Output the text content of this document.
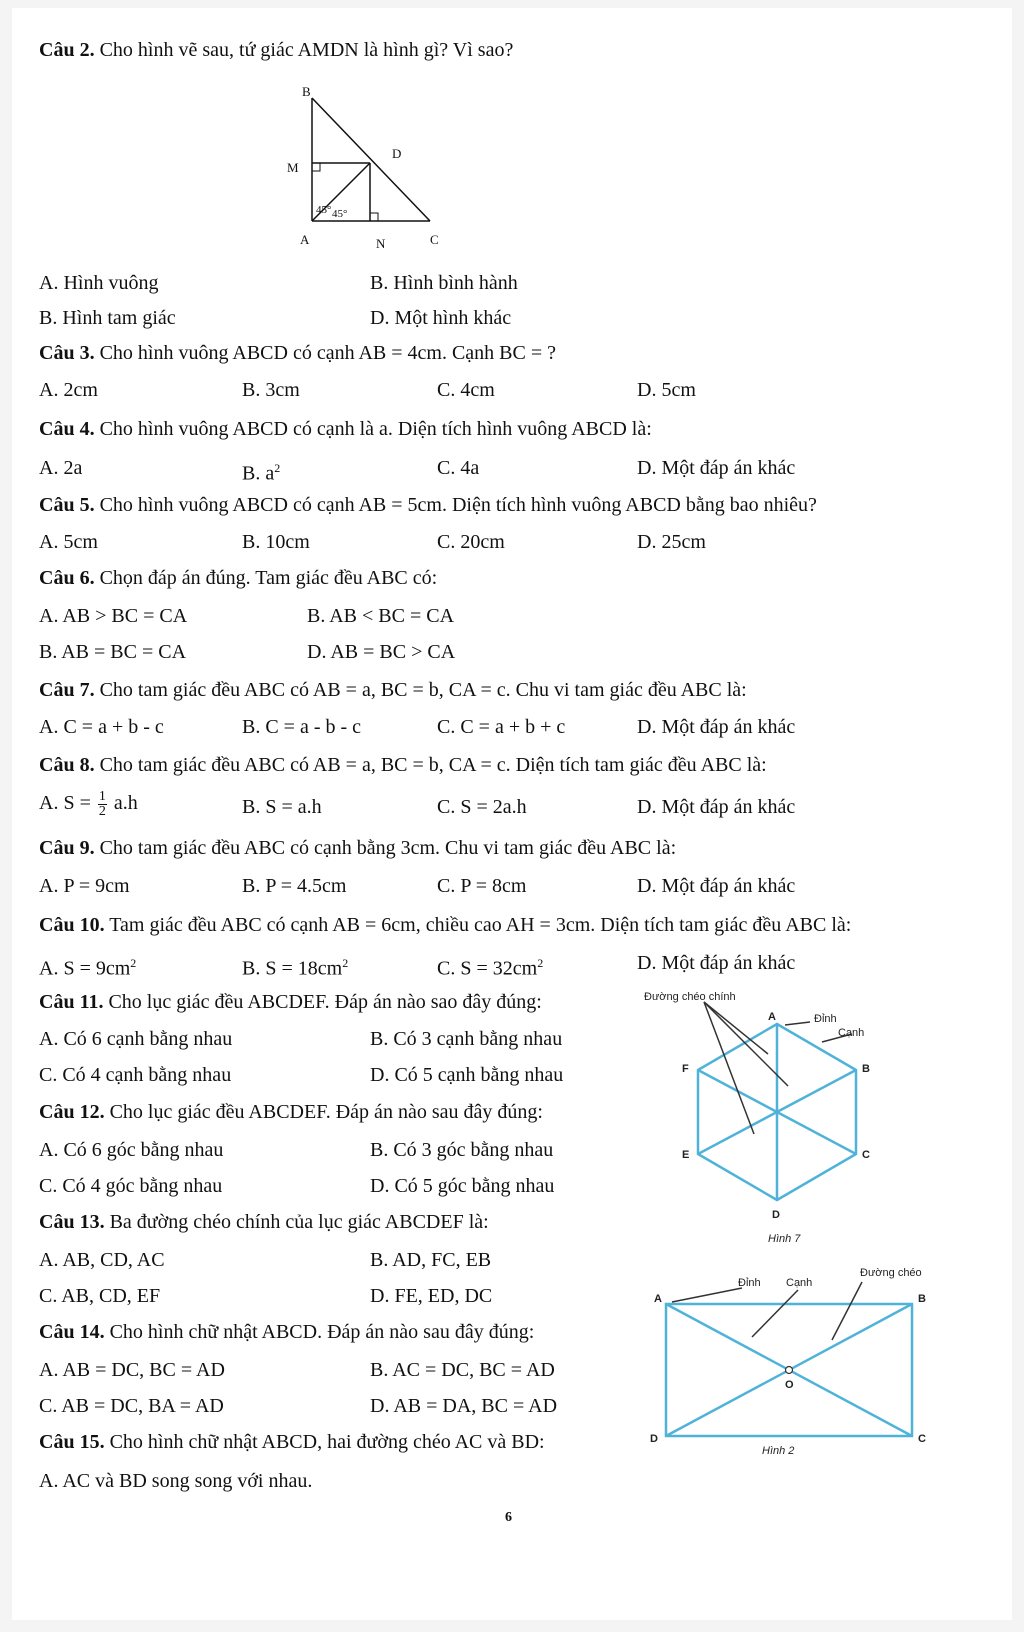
Câu 2. Cho hình vẽ sau, tứ giác AMDN là hình gì? Vì sao?
B
D
M
A	N	C
45° 45°
A. Hình vuông	B. Hình bình hành
B. Hình tam giác	D. Một hình khác
Câu 3. Cho hình vuông ABCD có cạnh AB = 4cm. Cạnh BC = ?
A. 2cm	B. 3cm	C. 4cm	D. 5cm
Câu 4. Cho hình vuông ABCD có cạnh là a. Diện tích hình vuông ABCD là:
A. 2a	B. $a^2$	C. 4a	D. Một đáp án khác
Câu 5. Cho hình vuông ABCD có cạnh AB = 5cm. Diện tích hình vuông ABCD bằng bao nhiêu?
A. 5cm	B. 10cm	C. 20cm	D. 25cm
Câu 6. Chọn đáp án đúng. Tam giác đều ABC có:
A. AB > BC = CA	B. AB < BC = CA
B. AB = BC = CA	D. AB = BC > CA
Câu 7. Cho tam giác đều ABC có AB = a, BC = b, CA = c. Chu vi tam giác đều ABC là:
A. C = a + b - c	B. C = a - b - c	C. C = a + b + c	D. Một đáp án khác
Câu 8. Cho tam giác đều ABC có AB = a, BC = b, CA = c. Diện tích tam giác đều ABC là:
A. $S = \frac{1}{2} a.h$	B. S = a.h	C. S = 2a.h	D. Một đáp án khác
Câu 9. Cho tam giác đều ABC có cạnh bằng 3cm. Chu vi tam giác đều ABC là:
A. P = 9cm	B. P = 4.5cm	C. P = 8cm	D. Một đáp án khác
Câu 10. Tam giác đều ABC có cạnh AB = 6cm, chiều cao AH = 3cm. Diện tích tam giác đều ABC là:
A. $S = 9cm^2$	B. $S = 18cm^2$	C. $S = 32cm^2$	D. Một đáp án khác
Câu 11. Cho lục giác đều ABCDEF. Đáp án nào sao đây đúng:
A. Có 6 cạnh bằng nhau	B. Có 3 cạnh bằng nhau
C. Có 4 cạnh bằng nhau	D. Có 5 cạnh bằng nhau
Câu 12. Cho lục giác đều ABCDEF. Đáp án nào sau đây đúng:
A. Có 6 góc bằng nhau	B. Có 3 góc bằng nhau
C. Có 4 góc bằng nhau	D. Có 5 góc bằng nhau
Đường chéo chính
Đỉnh
Cạnh
A
B
C
D
E
F
Hình 7
Câu 13. Ba đường chéo chính của lục giác ABCDEF là:
A. AB, CD, AC	B. AD, FC, EB
C. AB, CD, EF	D. FE, ED, DC
Đường chéo
Đỉnh Cạnh
A	B
C
D
O
Hình 2
Câu 14. Cho hình chữ nhật ABCD. Đáp án nào sau đây đúng:
A. AB = DC, BC = AD	B. AC = DC, BC = AD
C. AB = DC, BA = AD	D. AB = DA, BC = AD
Câu 15. Cho hình chữ nhật ABCD, hai đường chéo AC và BD:
A. AC và BD song song với nhau.
6
